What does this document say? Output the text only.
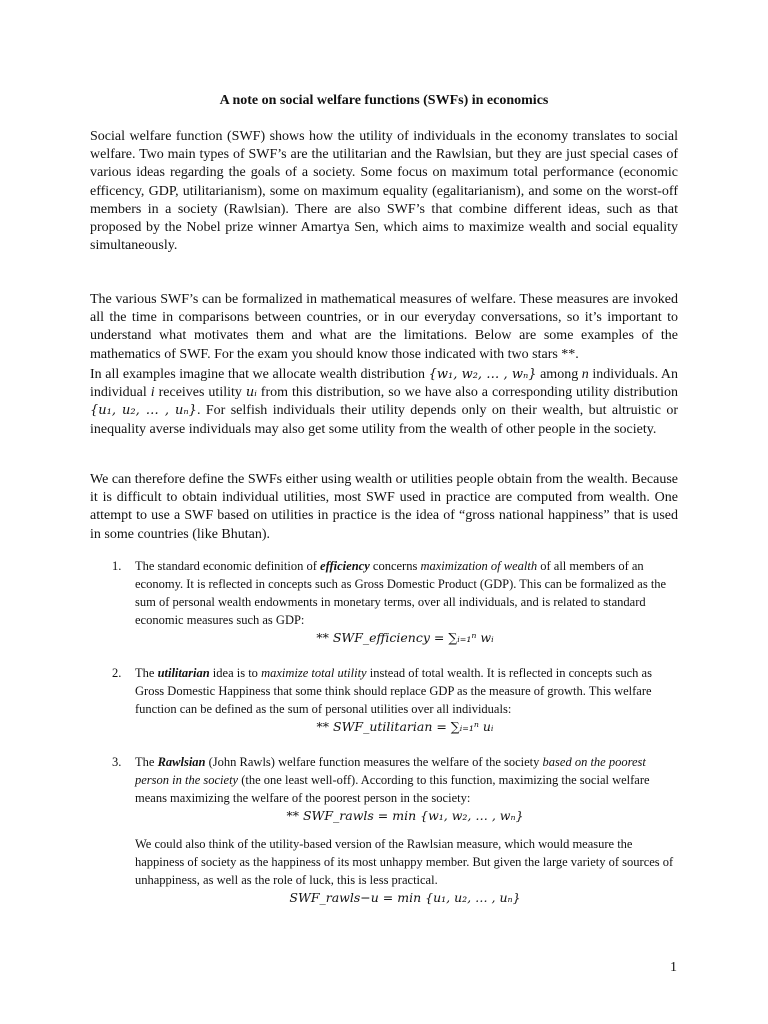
A note on social welfare functions (SWFs) in economics

Social welfare function (SWF) shows how the utility of individuals in the economy translates to social welfare. Two main types of SWF’s are the utilitarian and the Rawlsian, but they are just special cases of various ideas regarding the goals of a society. Some focus on maximum total performance (economic efficency, GDP, utilitarianism), some on maximum equality (egalitarianism), and some on the worst-off members in a society (Rawlsian). There are also SWF’s that combine different ideas, such as that proposed by the Nobel prize winner Amartya Sen, which aims to maximize wealth and social equality simultaneously.

The various SWF’s can be formalized in mathematical measures of welfare. These measures are invoked all the time in comparisons between countries, or in our everyday conversations, so it’s important to understand what motivates them and what are the limitations. Below are some examples of the mathematics of SWF. For the exam you should know those indicated with two stars **.

In all examples imagine that we allocate wealth distribution {w₁, w₂, … , wₙ} among n individuals. An individual i receives utility uᵢ from this distribution, so we have also a corresponding utility distribution {u₁, u₂, … , uₙ}. For selfish individuals their utility depends only on their wealth, but altruistic or inequality averse individuals may also get some utility from the wealth of other people in the society.

We can therefore define the SWFs either using wealth or utilities people obtain from the wealth. Because it is difficult to obtain individual utilities, most SWF used in practice are computed from wealth. One attempt to use a SWF based on utilities in practice is the idea of “gross national happiness” that is used in some countries (like Bhutan).

1. The standard economic definition of efficiency concerns maximization of wealth of all members of an economy. It is reflected in concepts such as Gross Domestic Product (GDP). This can be formalized as the sum of personal wealth endowments in monetary terms, over all individuals, and is related to standard economic measures such as GDP:
** SWF_efficiency = ∑ᵢ₌₁ⁿ wᵢ

2. The utilitarian idea is to maximize total utility instead of total wealth. It is reflected in concepts such as Gross Domestic Happiness that some think should replace GDP as the measure of growth. This welfare function can be defined as the sum of personal utilities over all individuals:
** SWF_utilitarian = ∑ᵢ₌₁ⁿ uᵢ

3. The Rawlsian (John Rawls) welfare function measures the welfare of the society based on the poorest person in the society (the one least well-off). According to this function, maximizing the social welfare means maximizing the welfare of the poorest person in the society:
** SWF_rawls = min {w₁, w₂, … , wₙ}

We could also think of the utility-based version of the Rawlsian measure, which would measure the happiness of society as the happiness of its most unhappy member. But given the large variety of sources of unhappiness, as well as the role of luck, this is less practical.
SWF_rawls−u = min {u₁, u₂, … , uₙ}

1
